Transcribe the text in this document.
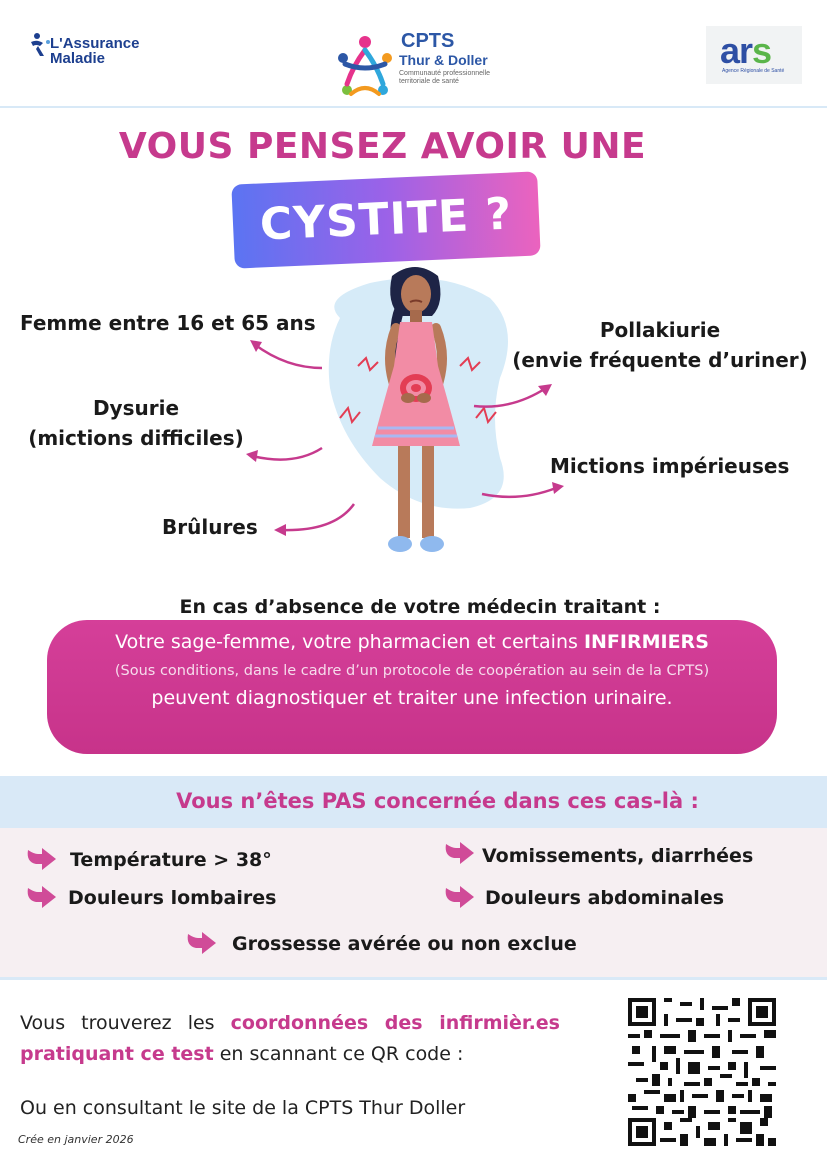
L'Assurance
Maladie
CPTS
Thur & Doller
Communauté professionnelle territoriale de santé
ars
Agence Régionale de Santé
VOUS PENSEZ AVOIR UNE
CYSTITE ?
Femme entre 16 et 65 ans
Dysurie
(mictions difficiles)
Brûlures
Pollakiurie
(envie fréquente d’uriner)
Mictions impérieuses
En cas d’absence de votre médecin traitant :
Votre sage-femme, votre pharmacien et certains INFIRMIERS
(Sous conditions, dans le cadre d’un protocole de coopération au sein de la CPTS)
peuvent diagnostiquer et traiter une infection urinaire.
Vous n’êtes PAS concernée dans ces cas-là :
Température > 38°	Vomissements, diarrhées
Douleurs lombaires	Douleurs abdominales
Grossesse avérée ou non exclue
Vous trouverez les coordonnées des infirmièr.es pratiquant ce test en scannant ce QR code :
Ou en consultant le site de la CPTS Thur Doller
Crée en janvier 2026
